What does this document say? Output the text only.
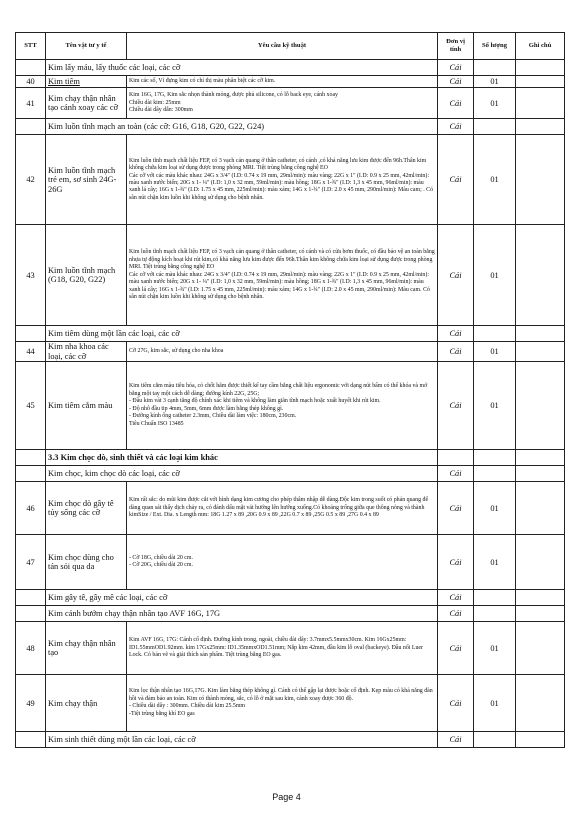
STT	Tên vật tư y tế	Yêu cầu kỹ thuật	Đơn vị tính	Số lượng	Ghi chú
	Kim lấy máu, lấy thuốc các loại, các cỡ		Cái		
40	Kim tiêm	Kim các số, Vỉ đựng kim có chỉ thị màu phân biệt các cỡ kim.	Cái	01	
41	Kim chạy thận nhân tạo cánh xoay các cỡ	Kim 16G, 17G, Kim sắc nhọn thành mỏng, được phủ silicone, có lỗ back eye, cánh xoay

Chiều dài kim: 25mm

Chiều dài dây dẫn: 300mm	Cái	01	
	Kim luồn tĩnh mạch an toàn (các cỡ: G16, G18, G20, G22, G24)		Cái		
42	Kim luồn tĩnh mạch trẻ em, sơ sinh 24G-26G	Kim luồn tĩnh mạch chất liệu FEP, có 3 vạch cản quang ở thân catheter, có cánh ,có khả năng lưu kim được đến 96h.Thân kim không chứa kim loại sử dụng được trong phòng MRI. Tiệt trùng bằng công nghệ EO

Các cỡ với các màu khác nhau: 24G x 3/4" (I.D: 0.74 x 19 mm, 29ml/min): màu vàng; 22G x 1" (I.D: 0.9 x 25 mm, 42ml/min): màu xanh nước biển; 20G x 1- ¼" (I.D: 1,0 x 32 mm, 59ml/min): màu hồng; 18G x 1-¾" (I.D: 1,3 x 45 mm, 96ml/min): màu xanh lá cây; 16G x 1-¾" (I.D: 1.75 x 45 mm, 225ml/min): màu xám; 14G x 1-¾" (I.D: 2.0 x 45 mm, 290ml/min): Màu cam; . Có sẵn nút chặn kim luồn khi không sử dụng cho bệnh nhân.	Cái	01	
43	Kim luồn tĩnh mạch (G18, G20, G22)	Kim luồn tĩnh mạch chất liệu FEP, có 3 vạch cản quang ở thân catheter, có cánh và có cửa bơm thuốc, có đầu bảo vệ an toàn bằng nhựa tự động kích hoạt khi rút kim,có khả năng lưu kim được đến 96h.Thân kim không chứa kim loại sử dụng được trong phòng MRI. Tiệt trùng bằng công nghệ EO

Các cỡ với các màu khác nhau: 24G x 3/4" (I.D: 0.74 x 19 mm, 29ml/min): màu vàng; 22G x 1" (I.D: 0.9 x 25 mm, 42ml/min): màu xanh nước biển; 20G x 1- ¼" (I.D: 1,0 x 32 mm, 59ml/min): màu hồng; 18G x 1-¾" (I.D: 1,3 x 45 mm, 96ml/min): màu xanh lá cây; 16G x 1-¾" (I.D: 1.75 x 45 mm, 225ml/min): màu xám; 14G x 1-¾" (I.D: 2.0 x 45 mm, 290ml/min): Màu cam. Có sẵn nút chặn kim luồn khi không sử dụng cho bệnh nhân.	Cái	01	
	Kim tiêm dùng một lần các loại, các cỡ		Cái		
44	Kim nha khoa các loại, các cỡ	Cỡ 27G, kim sắc, sử dụng cho nha khoa	Cái	01	
45	Kim tiêm cắm màu	Kim tiêm cắm màu tiêu hóa, có chốt hãm được thiết kế tay cầm bằng chất liệu ergonomic với dạng nút bấm có thể khóa và mở bằng một tay một cách dễ dàng; đường kính 22G, 25G;

- Đầu kim vát 3 cạnh tăng độ chính xác khi tiêm và không làm giãn tĩnh mạch hoặc xuất huyết khi rút kim.

- Độ nhô đầu tip 4mm, 5mm, 6mm được làm bằng thép không gỉ.

- Đường kính ống catheter 2.3mm, Chiều dài làm việc: 180cm, 230cm.

Tiêu Chuẩn ISO 13485	Cái	01	
	3.3 Kim chọc dò, sinh thiết và các loại kim khác				
	Kim chọc, kim chọc dò các loại, các cỡ		Cái		
46	Kim chọc dò gây tê tủy sống các cỡ	Kim rất sắc: do mũi kim được cắt với hình dạng kim cương cho phép thâm nhập dễ dàng.Độc kim trong suốt có phản quang để dàng quan sát thấy dịch chảy ra, có đánh dấu mặt vát hướng lên hướng xuống.Có khoảng trống giữa que thông nòng và thành kimSize / Ext. Dia. x Length mm: 18G 1.27 x 89 ,20G 0.9 x 89 ,22G 0.7 x 89 ,25G 0.5 x 89 ,27G 0.4 x 89	Cái	01	
47	Kim chọc dùng cho tán sỏi qua da	- Cỡ 18G, chiều dài 20 cm.

- Cỡ 20G, chiều dài 20 cm.	Cái	01	
	Kim gây tê, gây mê các loại, các cỡ		Cái		
	Kim cánh bướm chạy thận nhân tạo AVF 16G, 17G		Cái		
48	Kim chạy thận nhân tạo	Kim AVF 16G, 17G: Cánh cố định. Đường kính trong, ngoài, chiều dài dây: 3.7mmx5.5mmx30cm. Kim 16Gx25mm: ID1.55mmOD1.92mm. kim 17Gx25mm: ID1.35mmxOD1.51mm; Nắp kim 42mm, đầu kim lỗ oval (backeye). Đầu nối Luer Lock. Có bản vẽ và giải thích sản phẩm. Tiệt trùng bằng EO gas.	Cái	01	
49	Kim chạy thận	Kim lọc thận nhân tạo 16G,17G. Kim làm bằng thép không gỉ. Cánh có thể gập lại được hoặc cố định. Kẹp màu có khả năng đàn hồi và đảm bảo an toàn. Kim có thành mỏng, sắc, có lỗ ở mặt sau kim, cánh xoay được 360 độ.

- Chiều dài dây : 300mm. Chiều dài kim 25.5mm

-Tiệt trùng bằng khí EO gas	Cái	01	
	Kim sinh thiết dùng một lần các loại, các cỡ		Cái		
Page 4
